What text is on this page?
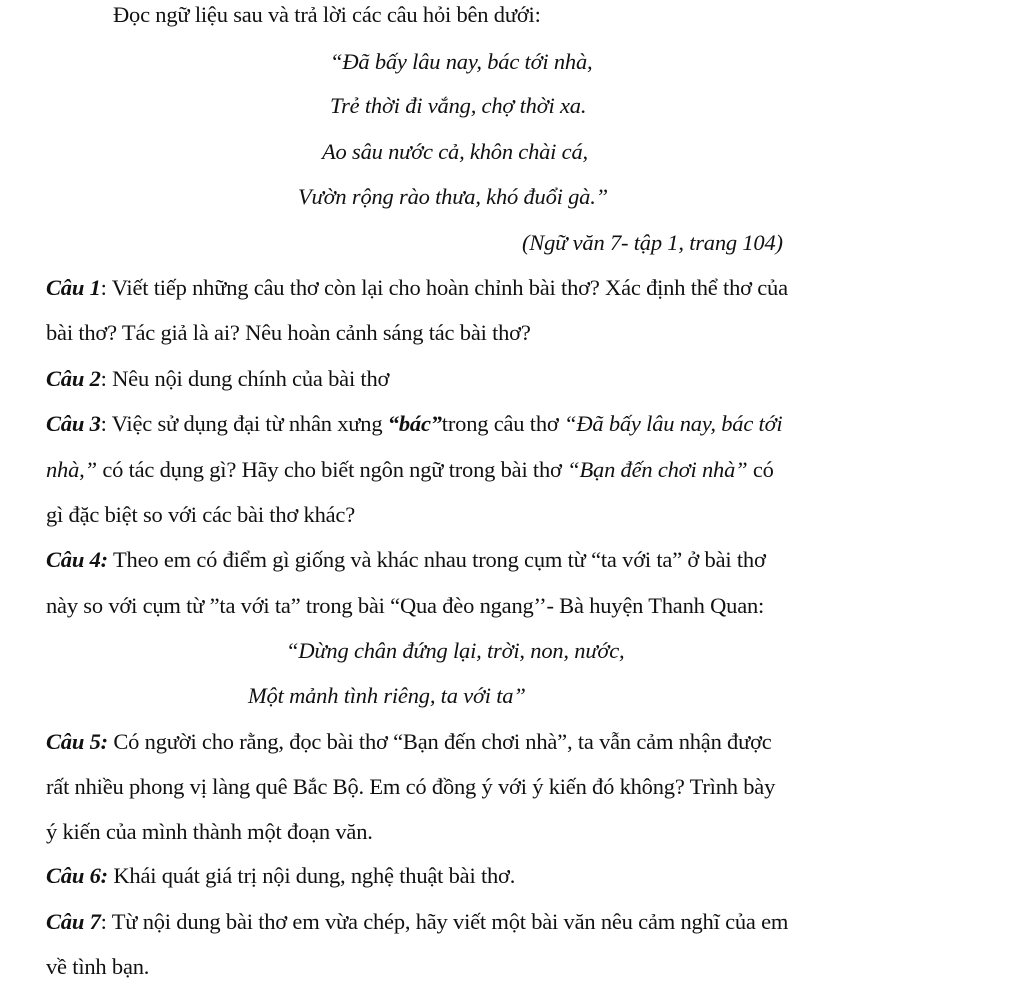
Đọc ngữ liệu sau và trả lời các câu hỏi bên dưới:
“Đã bấy lâu nay, bác tới nhà,
Trẻ thời đi vắng, chợ thời xa.
Ao sâu nước cả, khôn chài cá,
Vườn rộng rào thưa, khó đuổi gà.”
(Ngữ văn 7- tập 1, trang 104)
Câu 1: Viết tiếp những câu thơ còn lại cho hoàn chỉnh bài thơ? Xác định thể thơ của
bài thơ? Tác giả là ai? Nêu hoàn cảnh sáng tác bài thơ?
Câu 2: Nêu nội dung chính của bài thơ
Câu 3: Việc sử dụng đại từ nhân xưng “bác”trong câu thơ “Đã bấy lâu nay, bác tới
nhà,” có tác dụng gì? Hãy cho biết ngôn ngữ trong bài thơ “Bạn đến chơi nhà” có
gì đặc biệt so với các bài thơ khác?
Câu 4: Theo em có điểm gì giống và khác nhau trong cụm từ “ta với ta” ở bài thơ
này so với cụm từ ”ta với ta” trong bài “Qua đèo ngang’’- Bà huyện Thanh Quan:
“Dừng chân đứng lại, trời, non, nước,
Một mảnh tình riêng, ta với ta”
Câu 5: Có người cho rằng, đọc bài thơ “Bạn đến chơi nhà”, ta vẫn cảm nhận được
rất nhiều phong vị làng quê Bắc Bộ. Em có đồng ý với ý kiến đó không? Trình bày
ý kiến của mình thành một đoạn văn.
Câu 6: Khái quát giá trị nội dung, nghệ thuật bài thơ.
Câu 7: Từ nội dung bài thơ em vừa chép, hãy viết một bài văn nêu cảm nghĩ của em
về tình bạn.
